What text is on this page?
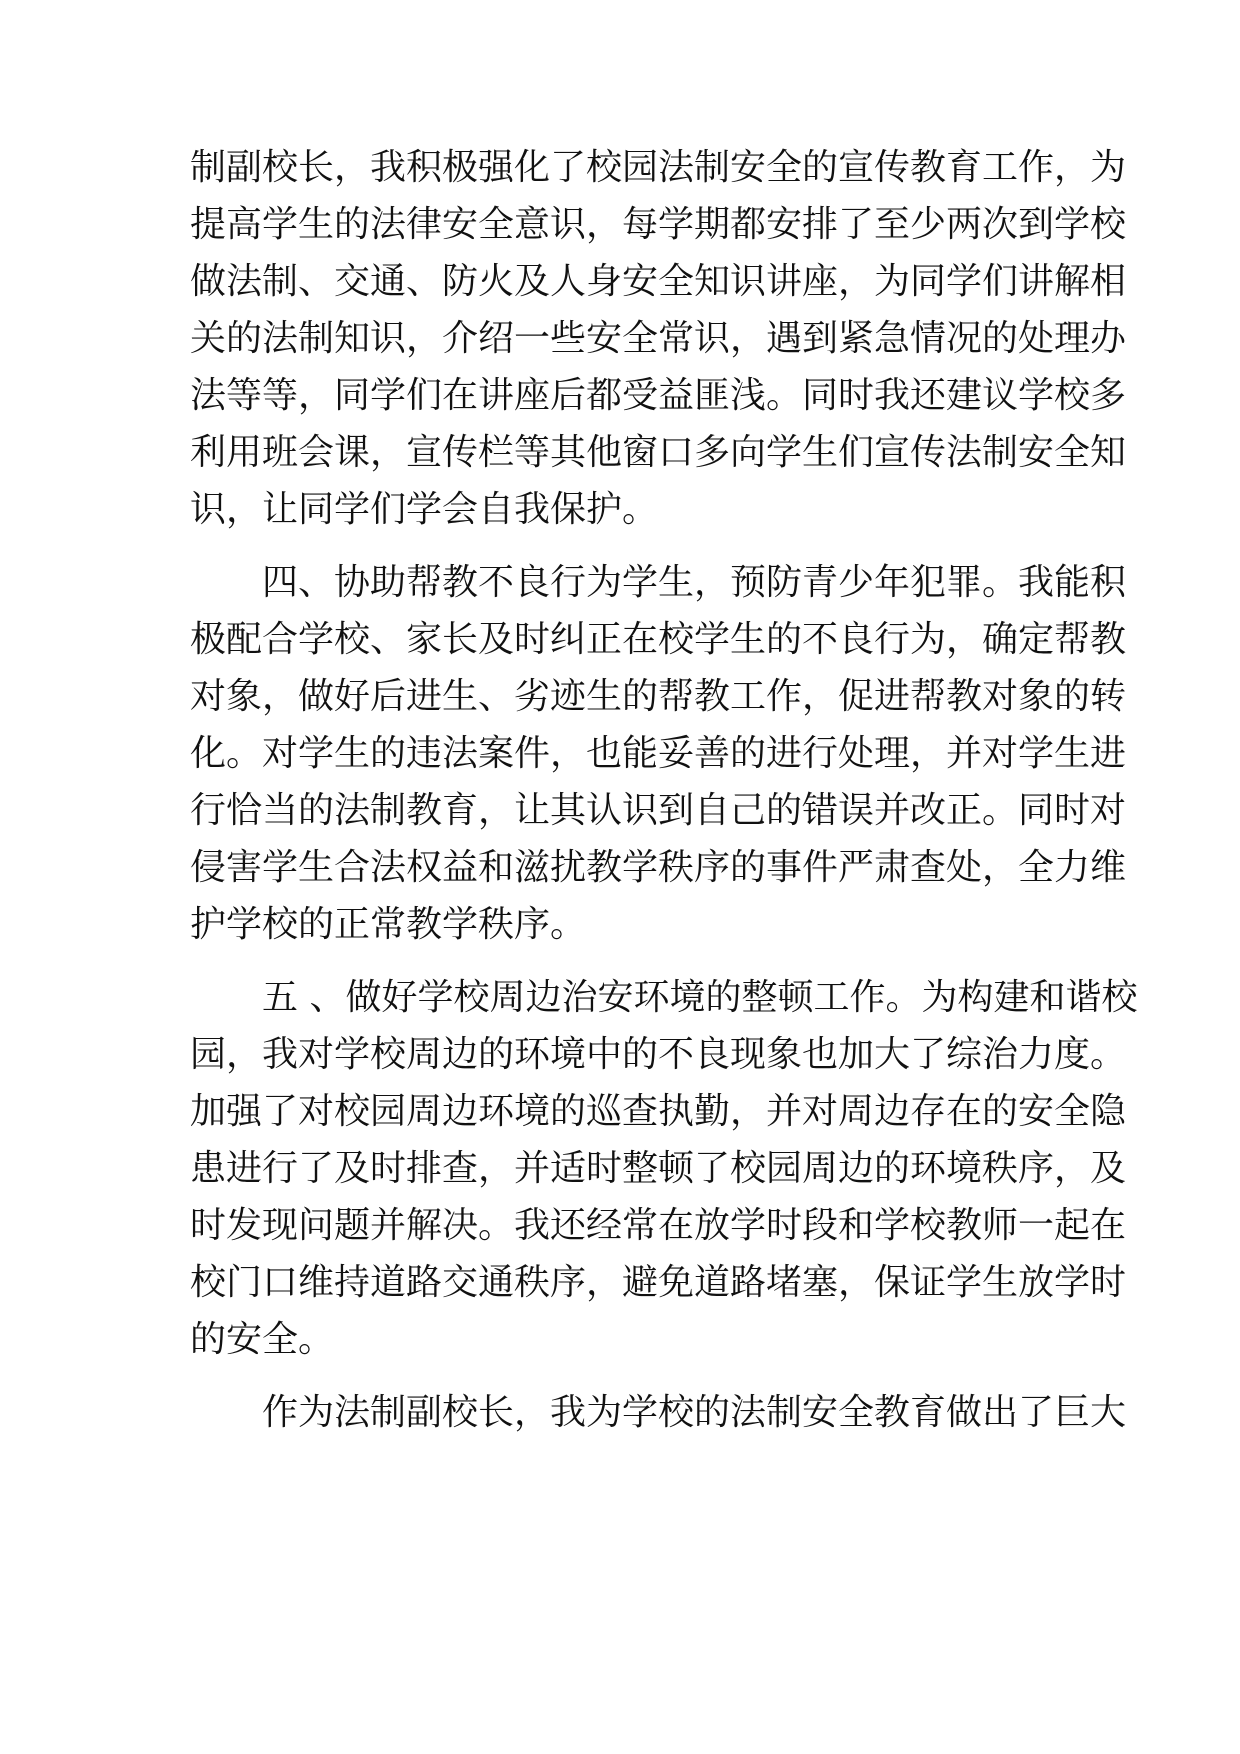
制副校长，我积极强化了校园法制安全的宣传教育工作，为
提高学生的法律安全意识，每学期都安排了至少两次到学校
做法制、交通、防火及人身安全知识讲座，为同学们讲解相
关的法制知识，介绍一些安全常识，遇到紧急情况的处理办
法等等，同学们在讲座后都受益匪浅。同时我还建议学校多
利用班会课，宣传栏等其他窗口多向学生们宣传法制安全知
识，让同学们学会自我保护。
四、协助帮教不良行为学生，预防青少年犯罪。我能积
极配合学校、家长及时纠正在校学生的不良行为，确定帮教
对象，做好后进生、劣迹生的帮教工作，促进帮教对象的转
化。对学生的违法案件，也能妥善的进行处理，并对学生进
行恰当的法制教育，让其认识到自己的错误并改正。同时对
侵害学生合法权益和滋扰教学秩序的事件严肃查处，全力维
护学校的正常教学秩序。
五 、做好学校周边治安环境的整顿工作。为构建和谐校
园，我对学校周边的环境中的不良现象也加大了综治力度。
加强了对校园周边环境的巡查执勤，并对周边存在的安全隐
患进行了及时排查，并适时整顿了校园周边的环境秩序，及
时发现问题并解决。我还经常在放学时段和学校教师一起在
校门口维持道路交通秩序，避免道路堵塞，保证学生放学时
的安全。
作为法制副校长，我为学校的法制安全教育做出了巨大
